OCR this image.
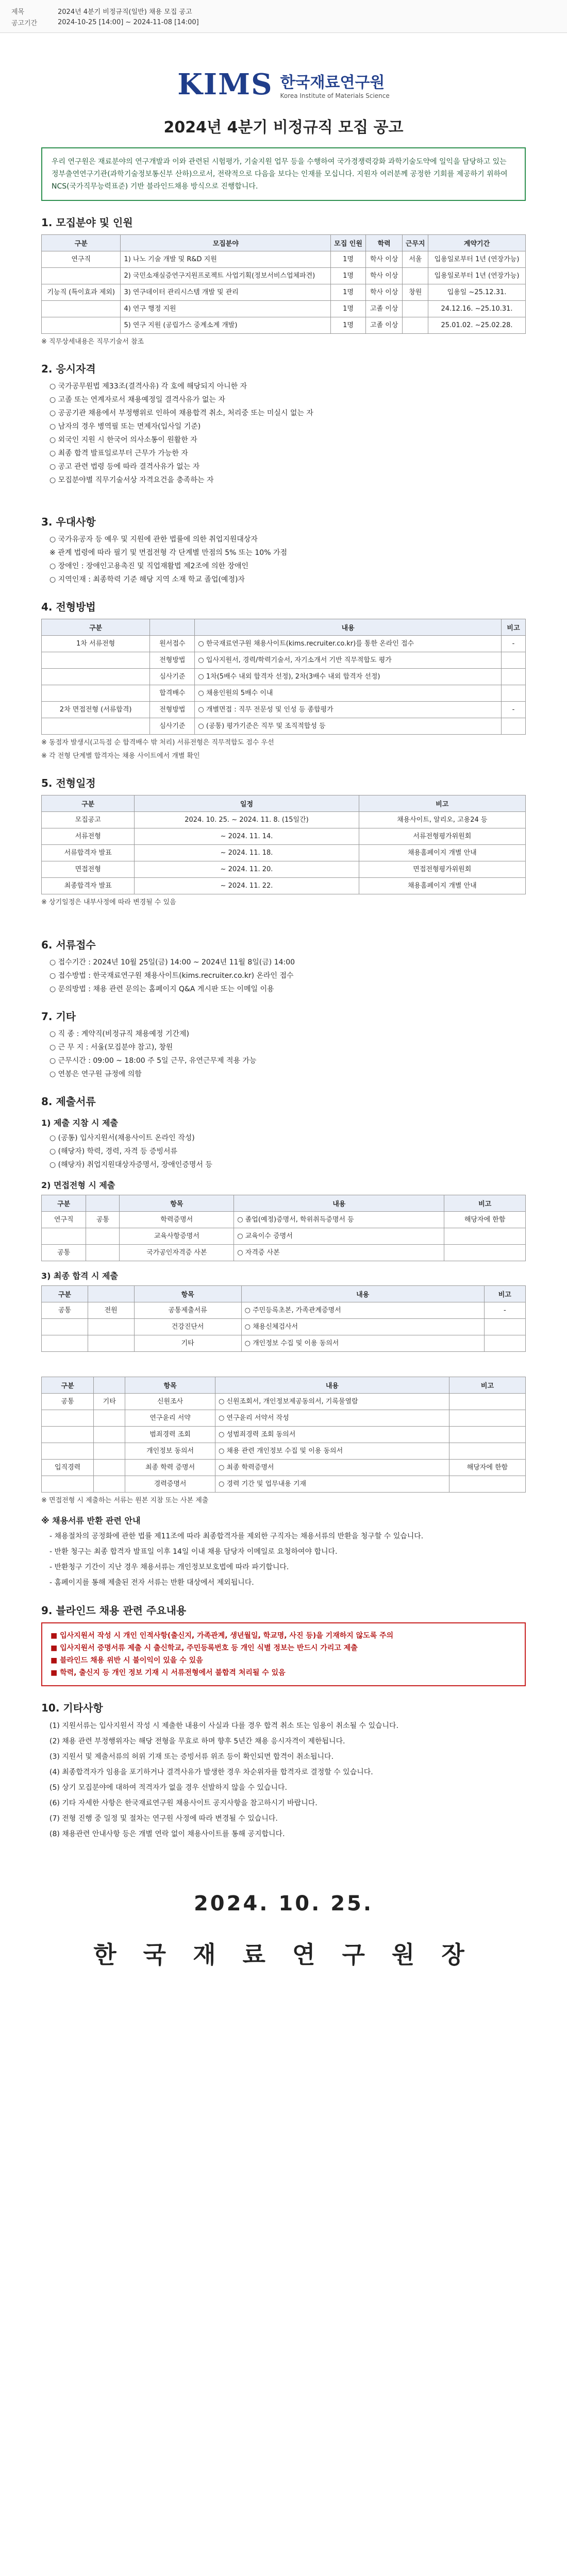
제목	2024년 4분기 비정규직(일반) 채용 모집 공고
공고기간	2024-10-25 [14:00] ~ 2024-11-08 [14:00]
KIMS 한국재료연구원
Korea Institute of Materials Science
2024년 4분기 비정규직 모집 공고
우리 연구원은 재료분야의 연구개발과 이와 관련된 시험평가, 기술지원 업무 등을 수행하여 국가경쟁력강화 과학기술도약에 일익을 담당하고 있는 정부출연연구기관(과학기술정보통신부 산하)으로서, 전략적으로 다음을 보다는 인재를 모십니다. 지원자 여러분께 공정한 기회를 제공하기 위하여 NCS(국가직무능력표준) 기반 블라인드채용 방식으로 진행합니다.
1. 모집분야 및 인원
구분	모집분야	모집 인원	학력	근무지	계약기간
연구직	1) 나노 기술 개발 및 R&D 지원	1명	학사 이상	서울	입용일로부터 1년 (연장가능)
	2) 국민소재실증연구지원프로젝트 사업기획(정보서비스업체파견)	1명	학사 이상		입용일로부터 1년 (연장가능)
기능직 (특이효과 제외)	3) 연구데이터 관리시스템 개발 및 관리	1명	학사 이상	창원	입용일 ~25.12.31.
	4) 연구 행정 지원	1명	고졸 이상		24.12.16. ~25.10.31.
	5) 연구 지원 (공립가스 중계소계 개발)	1명	고졸 이상		25.01.02. ~25.02.28.
※ 직무상세내용은 직무기술서 참조
2. 응시자격
○ 국가공무원법 제33조(결격사유) 각 호에 해당되지 아니한 자
○ 고졸 또는 연계자로서 채용예정일 결격사유가 없는 자
○ 공공기관 채용에서 부정행위로 인하여 채용합격 취소, 처리중 또는 미실시 없는 자
○ 남자의 경우 병역필 또는 면제자(입사일 기준)
○ 외국인 지원 시 한국어 의사소통이 원활한 자
○ 최종 합격 발표일로부터 근무가 가능한 자
○ 공고 관련 법령 등에 따라 결격사유가 없는 자
○ 모집분야별 직무기술서상 자격요건을 충족하는 자
3. 우대사항
○ 국가유공자 등 예우 및 지원에 관한 법률에 의한 취업지원대상자
※ 관계 법령에 따라 필기 및 면접전형 각 단계별 만점의 5% 또는 10% 가점
○ 장애인 : 장애인고용촉진 및 직업재활법 제2조에 의한 장애인
○ 지역인재 : 최종학력 기준 해당 지역 소재 학교 졸업(예정)자
4. 전형방법
구분		내용	비고
1차 서류전형	원서접수	○ 한국재료연구원 채용사이트(kims.recruiter.co.kr)를 통한 온라인 접수	-
	전형방법	○ 입사지원서, 경력/학력기술서, 자기소개서 기반 직무적합도 평가	
	심사기준	○ 1차(5배수 내외 합격자 선정), 2차(3배수 내외 합격자 선정)	
	합격배수	○ 채용인원의 5배수 이내	
2차 면접전형 (서류합격)	전형방법	○ 개별면접 : 직무 전문성 및 인성 등 종합평가	-
	심사기준	○ (공통) 평가기준은 직무 및 조직적합성 등	
※ 동점자 발생시(고득점 순 합격배수 밖 처리) 서류전형은 직무적합도 점수 우선
※ 각 전형 단계별 합격자는 채용 사이트에서 개별 확인
5. 전형일정
구분	일정	비고
모집공고	2024. 10. 25. ~ 2024. 11. 8. (15일간)	채용사이트, 알리오, 고용24 등
서류전형	~ 2024. 11. 14.	서류전형평가위원회
서류합격자 발표	~ 2024. 11. 18.	채용홈페이지 개별 안내
면접전형	~ 2024. 11. 20.	면접전형평가위원회
최종합격자 발표	~ 2024. 11. 22.	채용홈페이지 개별 안내
※ 상기일정은 내부사정에 따라 변경될 수 있음
6. 서류접수
○ 접수기간 : 2024년 10월 25일(금) 14:00 ~ 2024년 11월 8일(금) 14:00
○ 접수방법 : 한국재료연구원 채용사이트(kims.recruiter.co.kr) 온라인 접수
○ 문의방법 : 채용 관련 문의는 홈페이지 Q&A 게시판 또는 이메일 이용
7. 기타
○ 직 종 : 계약직(비정규직 채용예정 기간제)
○ 근 무 지 : 서울(모집분야 참고), 창원
○ 근무시간 : 09:00 ~ 18:00 주 5일 근무, 유연근무제 적용 가능
○ 연봉은 연구원 규정에 의함
8. 제출서류
1) 제출 지참 시 제출
○ (공통) 입사지원서(채용사이트 온라인 작성)
○ (해당자) 학력, 경력, 자격 등 증빙서류
○ (해당자) 취업지원대상자증명서, 장애인증명서 등
2) 면접전형 시 제출
구분		항목	내용	비고
연구직	공통	학력증명서	○ 졸업(예정)증명서, 학위취득증명서 등	해당자에 한함
		교육사항증명서	○ 교육이수 증명서	
공통		국가공인자격증 사본	○ 자격증 사본	
3) 최종 합격 시 제출
구분		항목	내용	비고
공통	전원	공통제출서류	○ 주민등록초본, 가족관계증명서	-
		건강진단서	○ 채용신체검사서	
		기타	○ 개인정보 수집 및 이용 동의서	
구분		항목	내용	비고
공통	기타	신원조사	○ 신원조회서, 개인정보제공동의서, 기록물열람	
		연구윤리 서약	○ 연구윤리 서약서 작성	
		범죄경력 조회	○ 성범죄경력 조회 동의서	
		개인정보 동의서	○ 채용 관련 개인정보 수집 및 이용 동의서	
입직경력		최종 학력 증명서	○ 최종 학력증명서	해당자에 한함
		경력증명서	○ 경력 기간 및 업무내용 기재	
※ 면접전형 시 제출하는 서류는 원본 지참 또는 사본 제출
※ 채용서류 반환 관련 안내
- 채용절차의 공정화에 관한 법률 제11조에 따라 최종합격자를 제외한 구직자는 채용서류의 반환을 청구할 수 있습니다.
- 반환 청구는 최종 합격자 발표일 이후 14일 이내 채용 담당자 이메일로 요청하여야 합니다.
- 반환청구 기간이 지난 경우 채용서류는 개인정보보호법에 따라 파기합니다.
- 홈페이지를 통해 제출된 전자 서류는 반환 대상에서 제외됩니다.
9. 블라인드 채용 관련 주요내용
■ 입사지원서 작성 시 개인 인적사항(출신지, 가족관계, 생년월일, 학교명, 사진 등)을 기재하지 않도록 주의
■ 입사지원서 증명서류 제출 시 출신학교, 주민등록번호 등 개인 식별 정보는 반드시 가리고 제출
■ 블라인드 채용 위반 시 불이익이 있을 수 있음
■ 학력, 출신지 등 개인 정보 기재 시 서류전형에서 불합격 처리될 수 있음
10. 기타사항
(1) 지원서류는 입사지원서 작성 시 제출한 내용이 사실과 다를 경우 합격 취소 또는 임용이 취소될 수 있습니다.
(2) 채용 관련 부정행위자는 해당 전형을 무효로 하며 향후 5년간 채용 응시자격이 제한됩니다.
(3) 지원서 및 제출서류의 허위 기재 또는 증빙서류 위조 등이 확인되면 합격이 취소됩니다.
(4) 최종합격자가 임용을 포기하거나 결격사유가 발생한 경우 차순위자를 합격자로 결정할 수 있습니다.
(5) 상기 모집분야에 대하여 적격자가 없을 경우 선발하지 않을 수 있습니다.
(6) 기타 자세한 사항은 한국재료연구원 채용사이트 공지사항을 참고하시기 바랍니다.
(7) 전형 진행 중 일정 및 절차는 연구원 사정에 따라 변경될 수 있습니다.
(8) 채용관련 안내사항 등은 개별 연락 없이 채용사이트를 통해 공지합니다.
2024. 10. 25.
한 국 재 료 연 구 원 장
